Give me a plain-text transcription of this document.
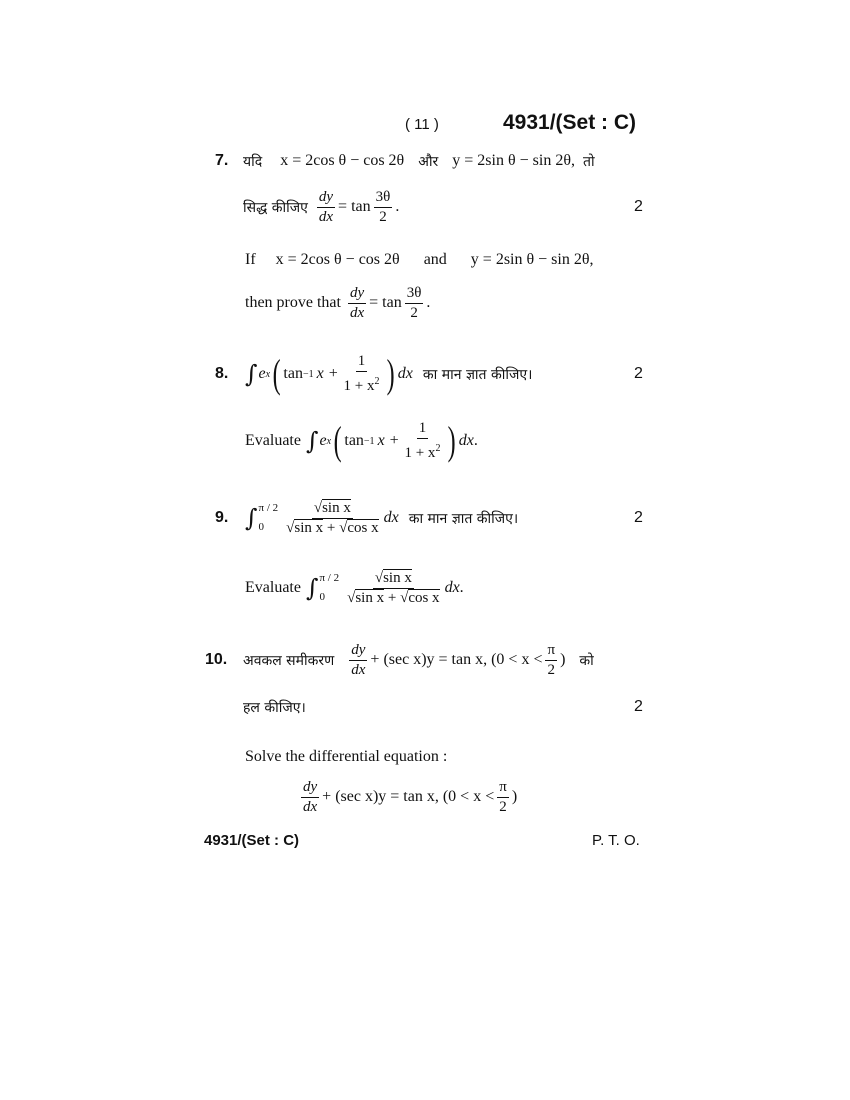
( 11 )	4931/(Set : C)
7. यदि x = 2cos θ − cos 2θ और y = 2sin θ − sin 2θ, तो
सिद्ध कीजिए $\frac{dy}{dx} = \tan \frac{3\theta}{2}$ .	2
If x = 2cos θ − cos 2θ and y = 2sin θ − sin 2θ,
then prove that $\frac{dy}{dx} = \tan \frac{3\theta}{2}$ .
8. ∫ e x ( tan −1 $x + \frac{1}{1 + x^2}$ ) dx का मान ज्ञात कीजिए।	2
Evaluate ∫ e x ( tan −1 $x + \frac{1}{1 + x^2}$ ) dx .
9. ∫ π / 2
0	$\frac{\text{√sin x}}{\text{√sin x + √cos x}}$ dx का मान ज्ञात कीजिए।	2
Evaluate ∫ π / 2
0	$\frac{\text{√sin x}}{\text{√sin x + √cos x}}$ dx .
10. अवकल समीकरण $\frac{dy}{dx} + (\sec$ x)y = tan x, ($0 < x < \frac{\pi}{2}$ ) को
हल कीजिए।	2
Solve the differential equation :
$\frac{dy}{dx} + (\sec$ x)y = tan x, ($0 < x < \frac{\pi}{2}$ )
4931/(Set : C)	P. T. O.
